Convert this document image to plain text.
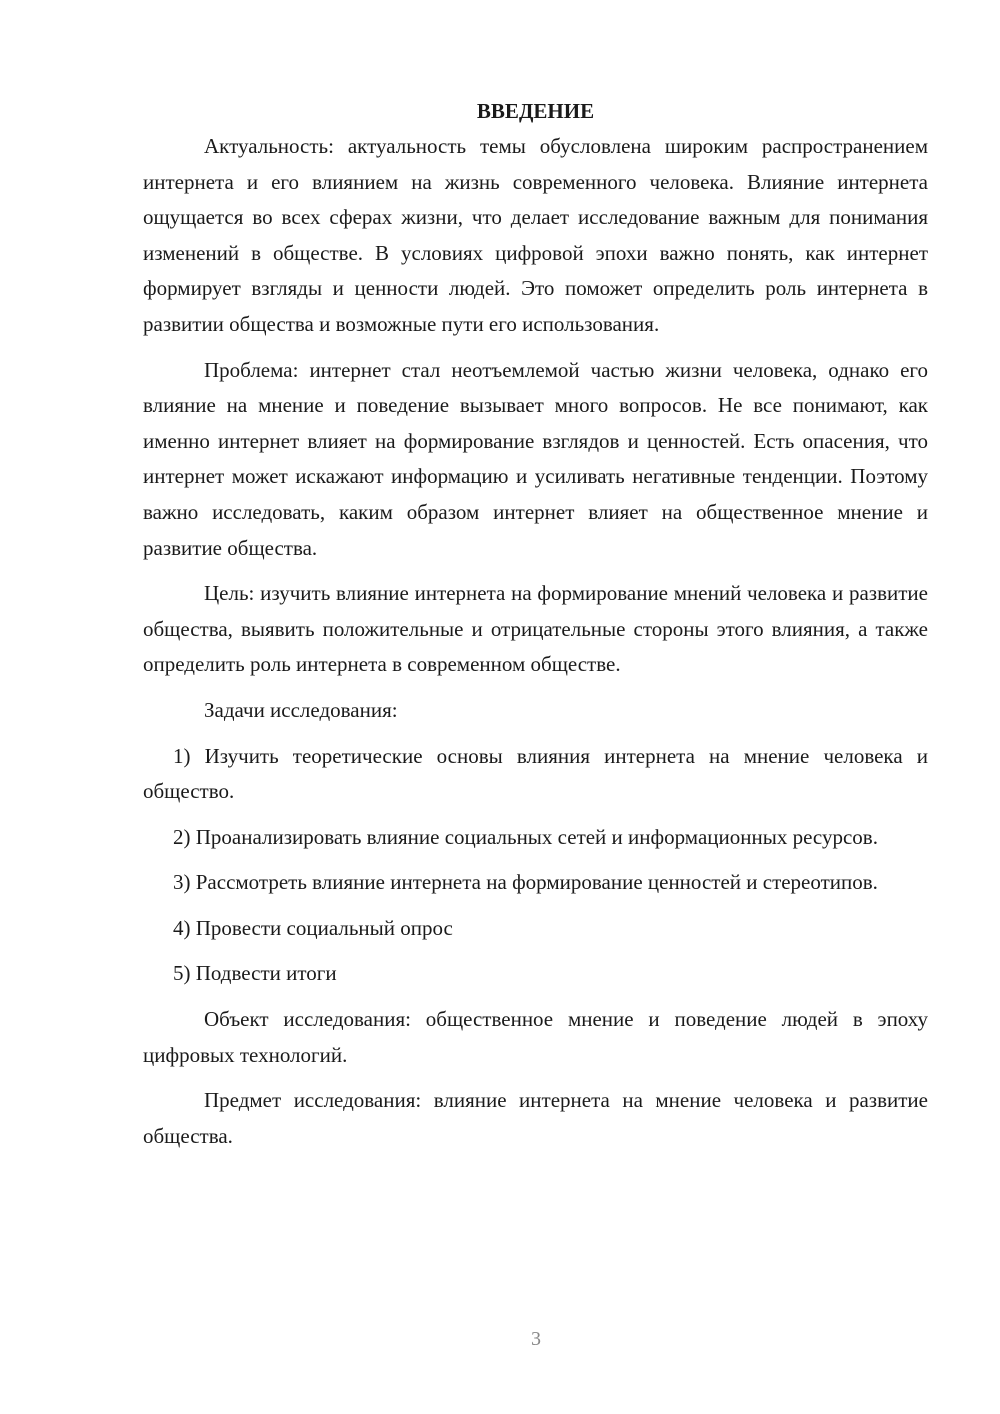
ВВЕДЕНИЕ

Актуальность: актуальность темы обусловлена широким распространением интернета и его влиянием на жизнь современного человека. Влияние интернета ощущается во всех сферах жизни, что делает исследование важным для понимания изменений в обществе. В условиях цифровой эпохи важно понять, как интернет формирует взгляды и ценности людей. Это поможет определить роль интернета в развитии общества и возможные пути его использования.

Проблема: интернет стал неотъемлемой частью жизни человека, однако его влияние на мнение и поведение вызывает много вопросов. Не все понимают, как именно интернет влияет на формирование взглядов и ценностей. Есть опасения, что интернет может искажают информацию и усиливать негативные тенденции. Поэтому важно исследовать, каким образом интернет влияет на общественное мнение и развитие общества.

Цель: изучить влияние интернета на формирование мнений человека и развитие общества, выявить положительные и отрицательные стороны этого влияния, а также определить роль интернета в современном обществе.

Задачи исследования:

1) Изучить теоретические основы влияния интернета на мнение человека и общество.

2) Проанализировать влияние социальных сетей и информационных ресурсов.

3) Рассмотреть влияние интернета на формирование ценностей и стереотипов.

4) Провести социальный опрос

5) Подвести итоги

Объект исследования: общественное мнение и поведение людей в эпоху цифровых технологий.

Предмет исследования: влияние интернета на мнение человека и развитие общества.

3
